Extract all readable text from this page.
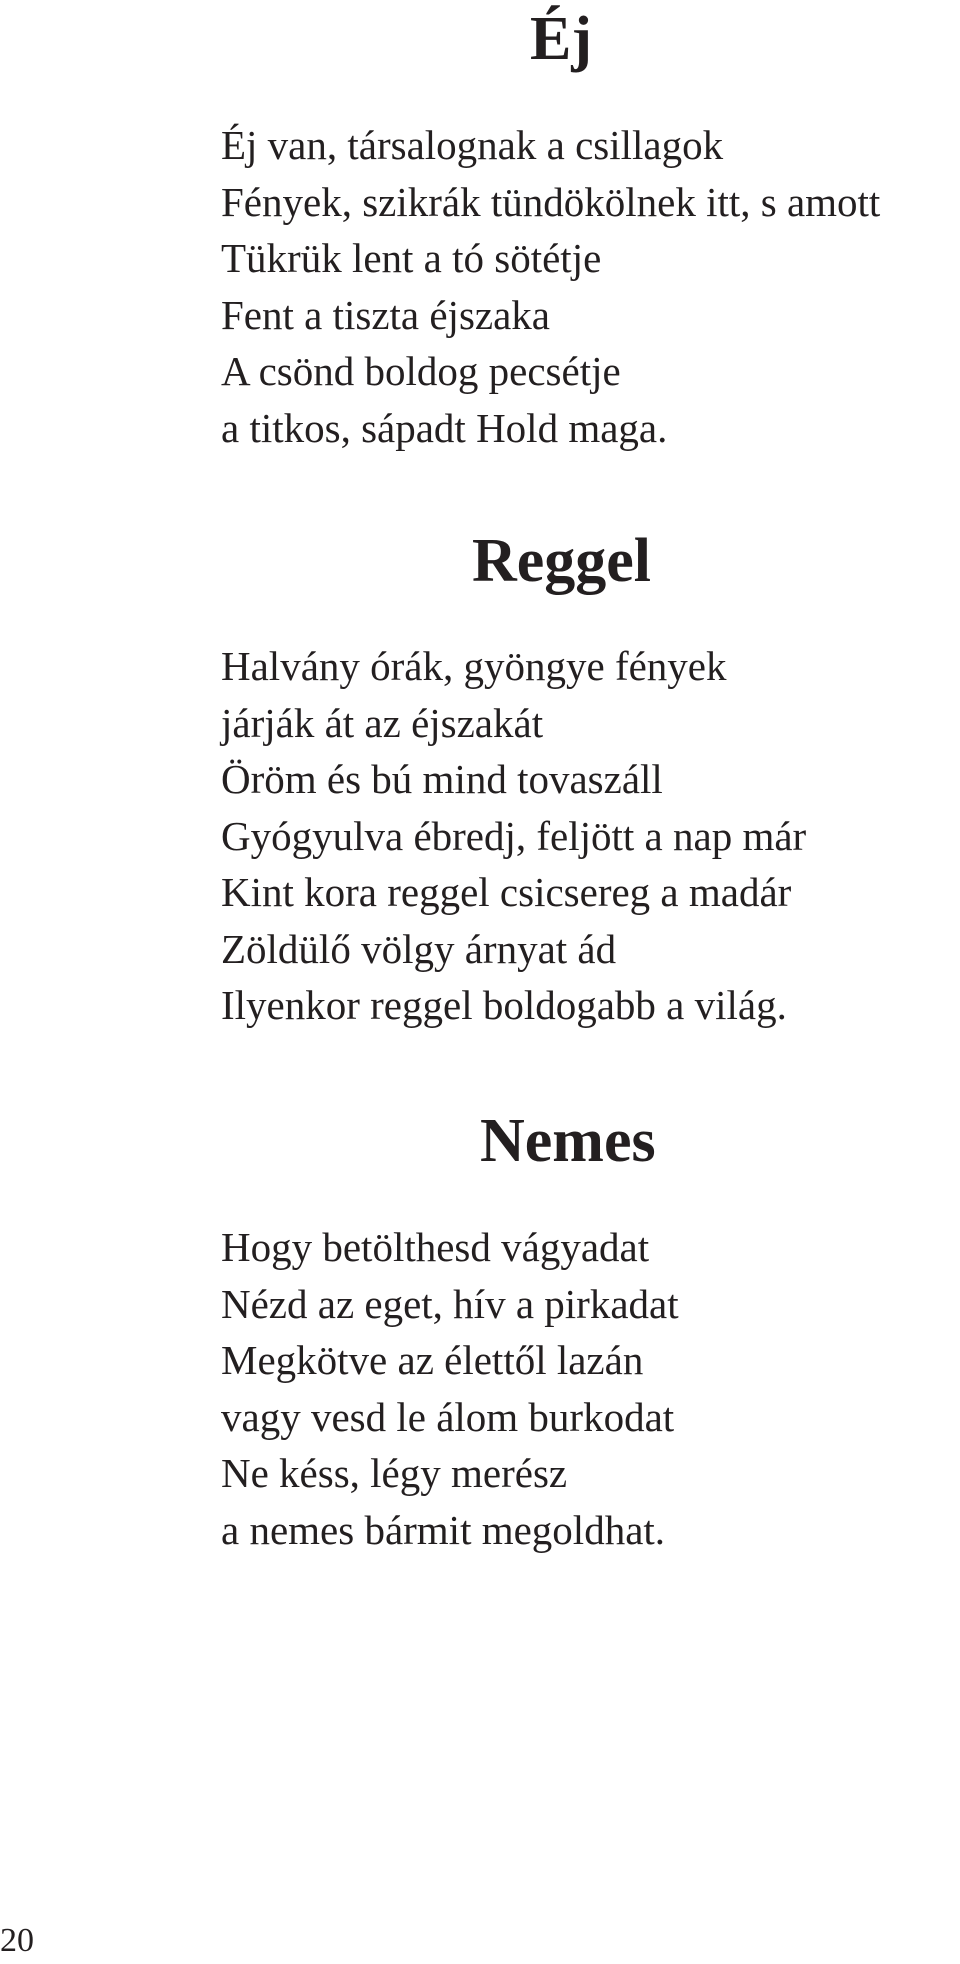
Éj
Éj van, társalognak a csillagok
Fények, szikrák tündökölnek itt, s amott
Tükrük lent a tó sötétje
Fent a tiszta éjszaka
A csönd boldog pecsétje
a titkos, sápadt Hold maga.
Reggel
Halvány órák, gyöngye fények
járják át az éjszakát
Öröm és bú mind tovaszáll
Gyógyulva ébredj, feljött a nap már
Kint kora reggel csicsereg a madár
Zöldülő völgy árnyat ád
Ilyenkor reggel boldogabb a világ.
Nemes
Hogy betölthesd vágyadat
Nézd az eget, hív a pirkadat
Megkötve az élettől lazán
vagy vesd le álom burkodat
Ne késs, légy merész
a nemes bármit megoldhat.
20
